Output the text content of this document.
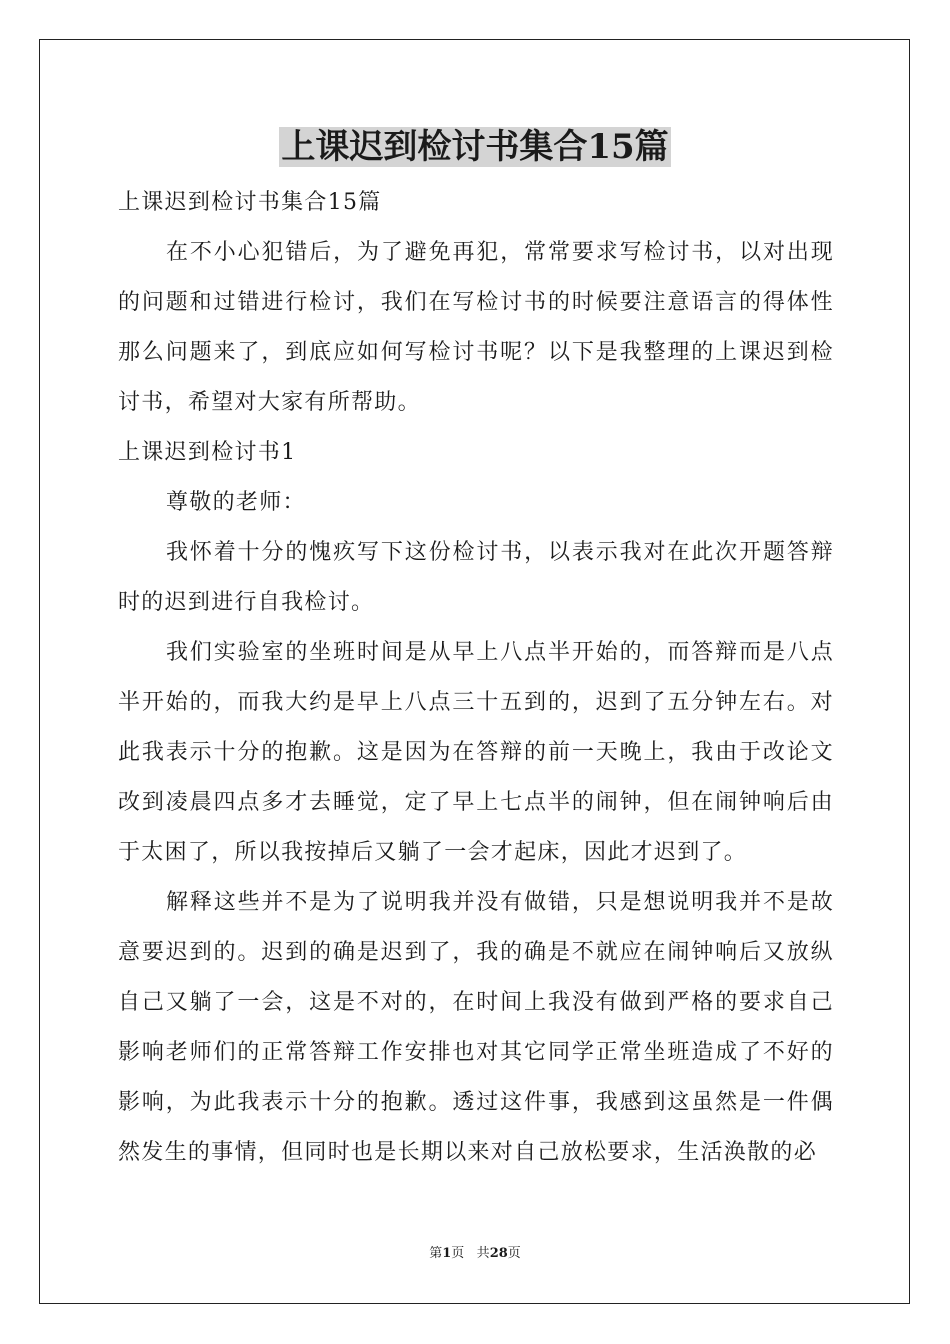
上课迟到检讨书集合15篇

上课迟到检讨书集合15篇

在不小心犯错后，为了避免再犯，常常要求写检讨书，以对出现的问题和过错进行检讨，我们在写检讨书的时候要注意语言的得体性那么问题来了，到底应如何写检讨书呢？以下是我整理的上课迟到检讨书，希望对大家有所帮助。

上课迟到检讨书1

尊敬的老师：

我怀着十分的愧疚写下这份检讨书，以表示我对在此次开题答辩时的迟到进行自我检讨。

我们实验室的坐班时间是从早上八点半开始的，而答辩而是八点半开始的，而我大约是早上八点三十五到的，迟到了五分钟左右。对此我表示十分的抱歉。这是因为在答辩的前一天晚上，我由于改论文改到凌晨四点多才去睡觉，定了早上七点半的闹钟，但在闹钟响后由于太困了，所以我按掉后又躺了一会才起床，因此才迟到了。

解释这些并不是为了说明我并没有做错，只是想说明我并不是故意要迟到的。迟到的确是迟到了，我的确是不就应在闹钟响后又放纵自己又躺了一会，这是不对的，在时间上我没有做到严格的要求自己影响老师们的正常答辩工作安排也对其它同学正常坐班造成了不好的影响，为此我表示十分的抱歉。透过这件事，我感到这虽然是一件偶然发生的事情，但同时也是长期以来对自己放松要求，生活涣散的必

第1页 共28页
